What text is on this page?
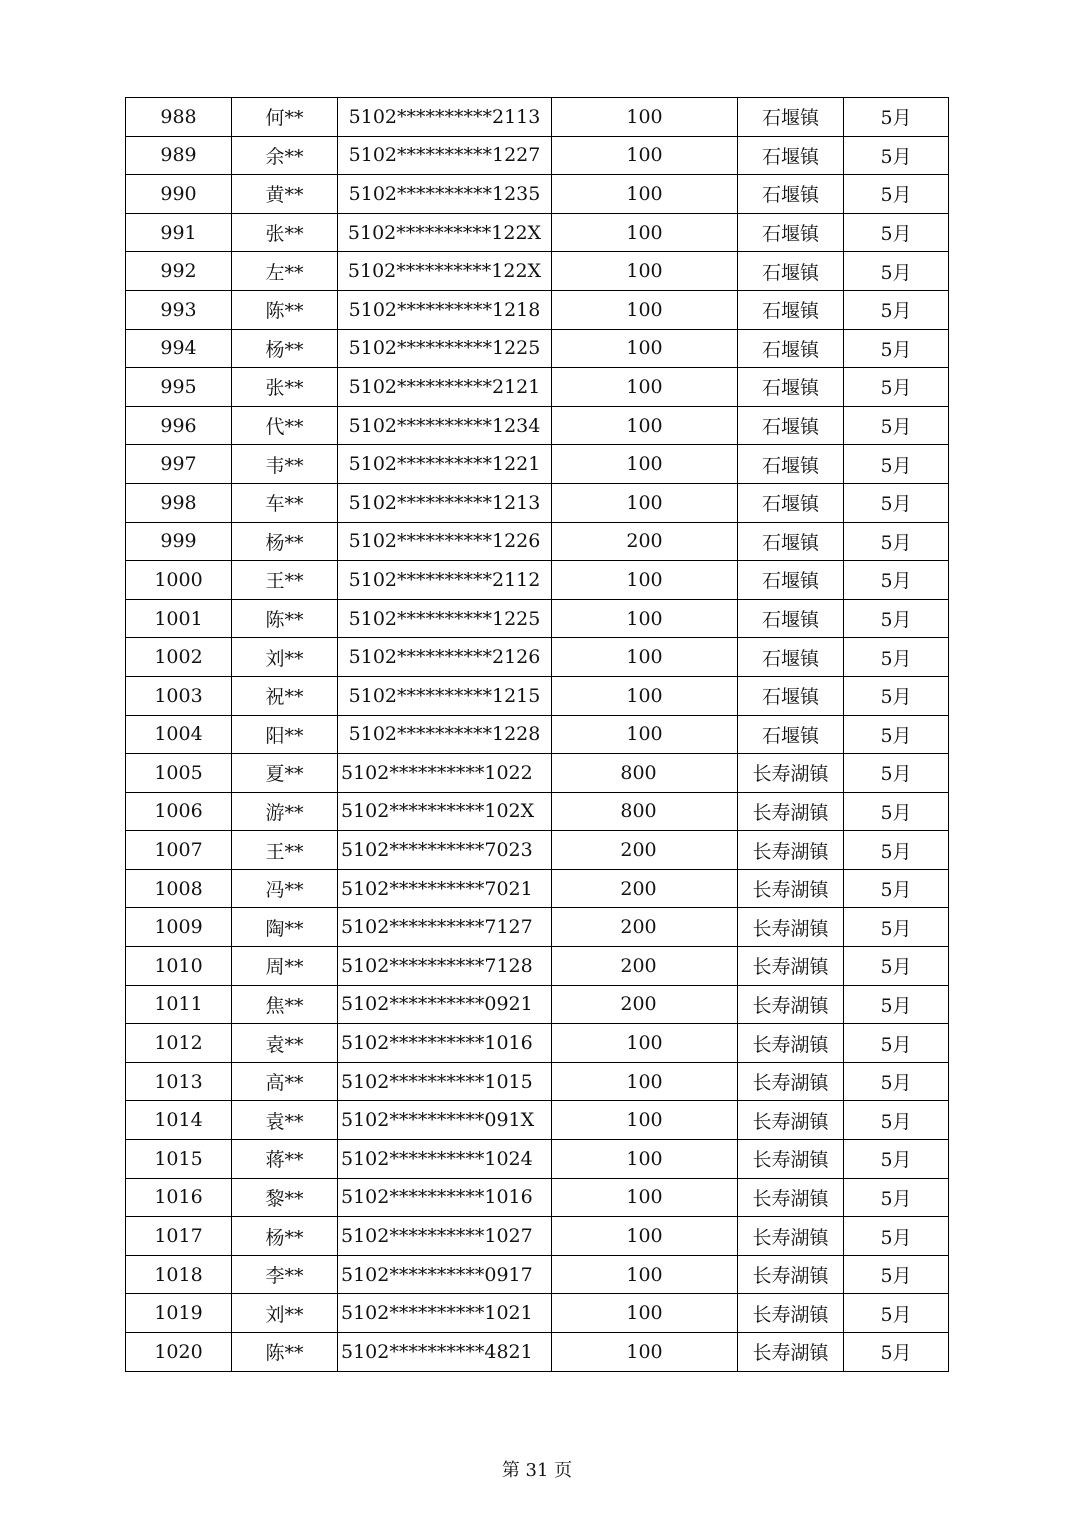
988	何**	5102**********2113	100	石堰镇	5月
989	余**	5102**********1227	100	石堰镇	5月
990	黄**	5102**********1235	100	石堰镇	5月
991	张**	5102**********122X	100	石堰镇	5月
992	左**	5102**********122X	100	石堰镇	5月
993	陈**	5102**********1218	100	石堰镇	5月
994	杨**	5102**********1225	100	石堰镇	5月
995	张**	5102**********2121	100	石堰镇	5月
996	代**	5102**********1234	100	石堰镇	5月
997	韦**	5102**********1221	100	石堰镇	5月
998	车**	5102**********1213	100	石堰镇	5月
999	杨**	5102**********1226	200	石堰镇	5月
1000	王**	5102**********2112	100	石堰镇	5月
1001	陈**	5102**********1225	100	石堰镇	5月
1002	刘**	5102**********2126	100	石堰镇	5月
1003	祝**	5102**********1215	100	石堰镇	5月
1004	阳**	5102**********1228	100	石堰镇	5月
1005	夏**	5102**********1022	800	长寿湖镇	5月
1006	游**	5102**********102X	800	长寿湖镇	5月
1007	王**	5102**********7023	200	长寿湖镇	5月
1008	冯**	5102**********7021	200	长寿湖镇	5月
1009	陶**	5102**********7127	200	长寿湖镇	5月
1010	周**	5102**********7128	200	长寿湖镇	5月
1011	焦**	5102**********0921	200	长寿湖镇	5月
1012	袁**	5102**********1016	100	长寿湖镇	5月
1013	高**	5102**********1015	100	长寿湖镇	5月
1014	袁**	5102**********091X	100	长寿湖镇	5月
1015	蒋**	5102**********1024	100	长寿湖镇	5月
1016	黎**	5102**********1016	100	长寿湖镇	5月
1017	杨**	5102**********1027	100	长寿湖镇	5月
1018	李**	5102**********0917	100	长寿湖镇	5月
1019	刘**	5102**********1021	100	长寿湖镇	5月
1020	陈**	5102**********4821	100	长寿湖镇	5月
第 31 页
